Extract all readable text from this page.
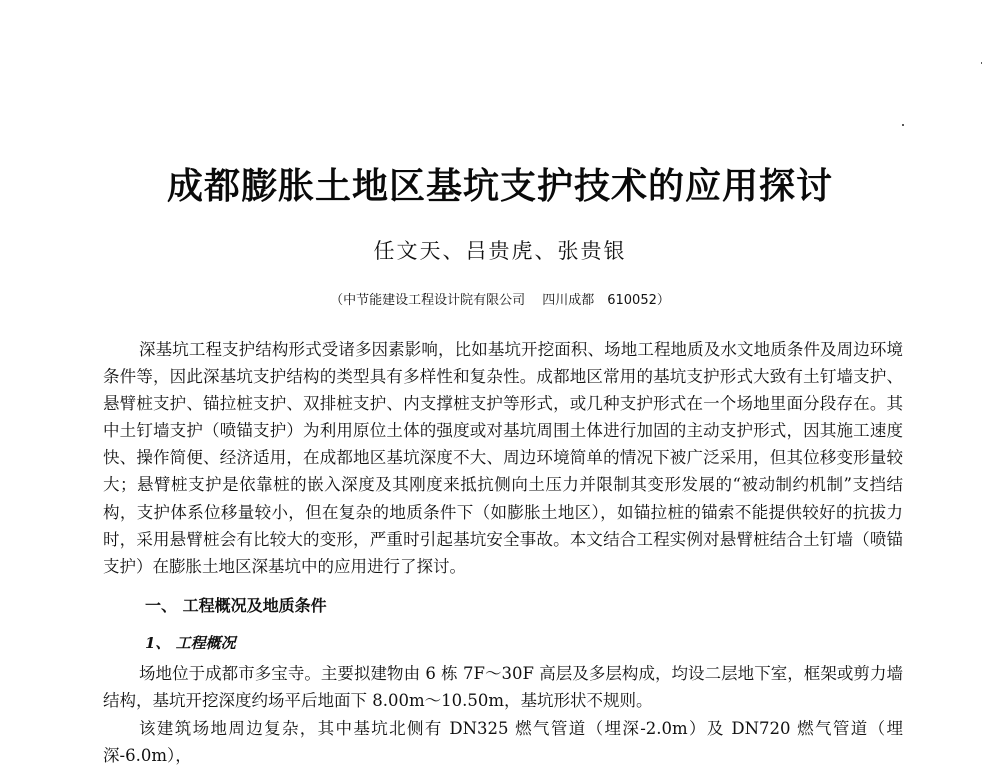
成都膨胀土地区基坑支护技术的应用探讨

任文天、吕贵虎、张贵银

（中节能建设工程设计院有限公司　 四川成都　610052）

深基坑工程支护结构形式受诸多因素影响，比如基坑开挖面积、场地工程地质及水文地质条件及周边环境条件等，因此深基坑支护结构的类型具有多样性和复杂性。成都地区常用的基坑支护形式大致有土钉墙支护、悬臂桩支护、锚拉桩支护、双排桩支护、内支撑桩支护等形式，或几种支护形式在一个场地里面分段存在。其中土钉墙支护（喷锚支护）为利用原位土体的强度或对基坑周围土体进行加固的主动支护形式，因其施工速度快、操作简便、经济适用，在成都地区基坑深度不大、周边环境简单的情况下被广泛采用，但其位移变形量较大；悬臂桩支护是依靠桩的嵌入深度及其刚度来抵抗侧向土压力并限制其变形发展的“被动制约机制”支挡结构，支护体系位移量较小，但在复杂的地质条件下（如膨胀土地区），如锚拉桩的锚索不能提供较好的抗拔力时，采用悬臂桩会有比较大的变形，严重时引起基坑安全事故。本文结合工程实例对悬臂桩结合土钉墙（喷锚支护）在膨胀土地区深基坑中的应用进行了探讨。

一、 工程概况及地质条件
1、 工程概况

场地位于成都市多宝寺。主要拟建物由 6 栋 7F～30F 高层及多层构成，均设二层地下室，框架或剪力墙结构，基坑开挖深度约场平后地面下 8.00m～10.50m，基坑形状不规则。

该建筑场地周边复杂，其中基坑北侧有 DN325 燃气管道（埋深-2.0m）及 DN720 燃气管道（埋深-6.0m），
